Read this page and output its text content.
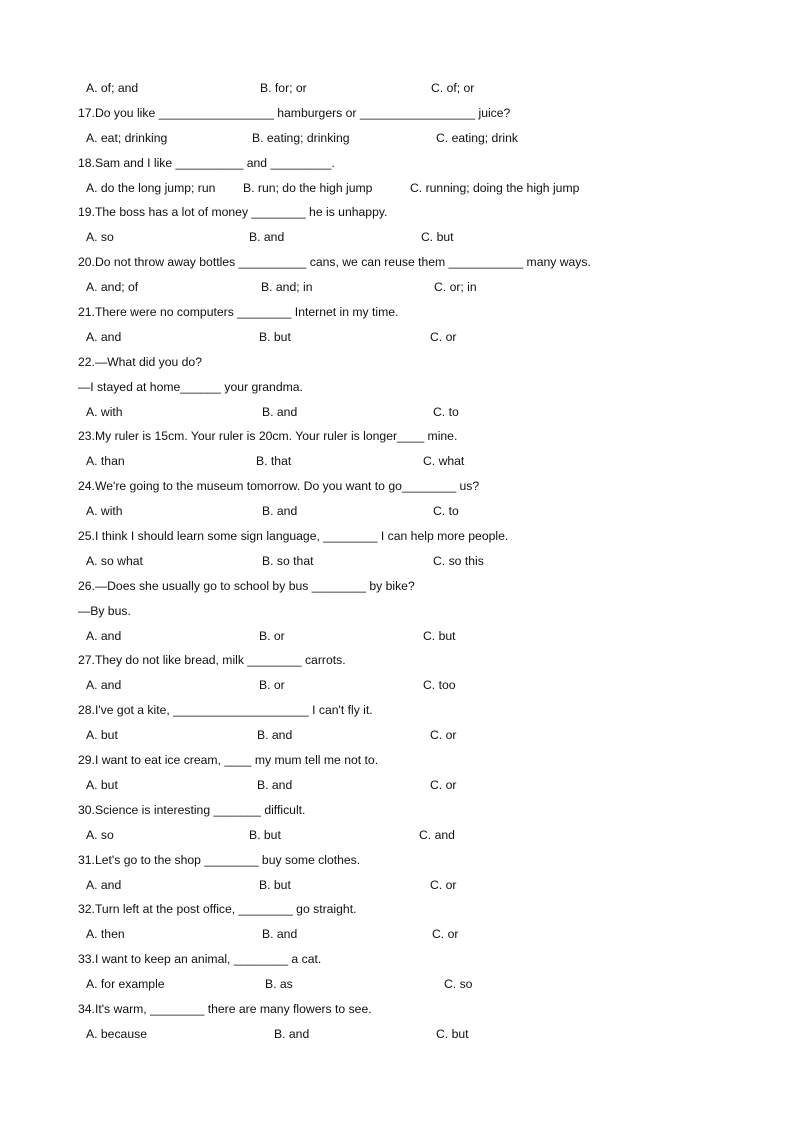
A. of; and	B. for; or	C. of; or
17.Do you like _________________ hamburgers or _________________ juice?
A. eat; drinking	B. eating; drinking	C. eating; drink
18.Sam and I like __________ and _________.
A. do the long jump; run B. run; do the high jump	C. running; doing the high jump
19.The boss has a lot of money ________ he is unhappy.
A. so	B. and	C. but
20.Do not throw away bottles __________ cans, we can reuse them ___________ many ways.
A. and; of	B. and; in	C. or; in
21.There were no computers ________ Internet in my time.
A. and	B. but	C. or
22.—What did you do?
—I stayed at home______ your grandma.
A. with	B. and	C. to
23.My ruler is 15cm. Your ruler is 20cm. Your ruler is longer____ mine.
A. than	B. that	C. what
24.We're going to the museum tomorrow. Do you want to go________ us?
A. with	B. and	C. to
25.I think I should learn some sign language, ________ I can help more people.
A. so what	B. so that	C. so this
26.—Does she usually go to school by bus ________ by bike?
—By bus.
A. and	B. or	C. but
27.They do not like bread, milk ________ carrots.
A. and	B. or	C. too
28.I've got a kite, ____________________ I can't fly it.
A. but	B. and	C. or
29.I want to eat ice cream, ____ my mum tell me not to.
A. but	B. and	C. or
30.Science is interesting _______ difficult.
A. so	B. but	C. and
31.Let's go to the shop ________ buy some clothes.
A. and	B. but	C. or
32.Turn left at the post office, ________ go straight.
A. then	B. and	C. or
33.I want to keep an animal, ________ a cat.
A. for example	B. as	C. so
34.It's warm, ________ there are many flowers to see.
A. because	B. and	C. but
